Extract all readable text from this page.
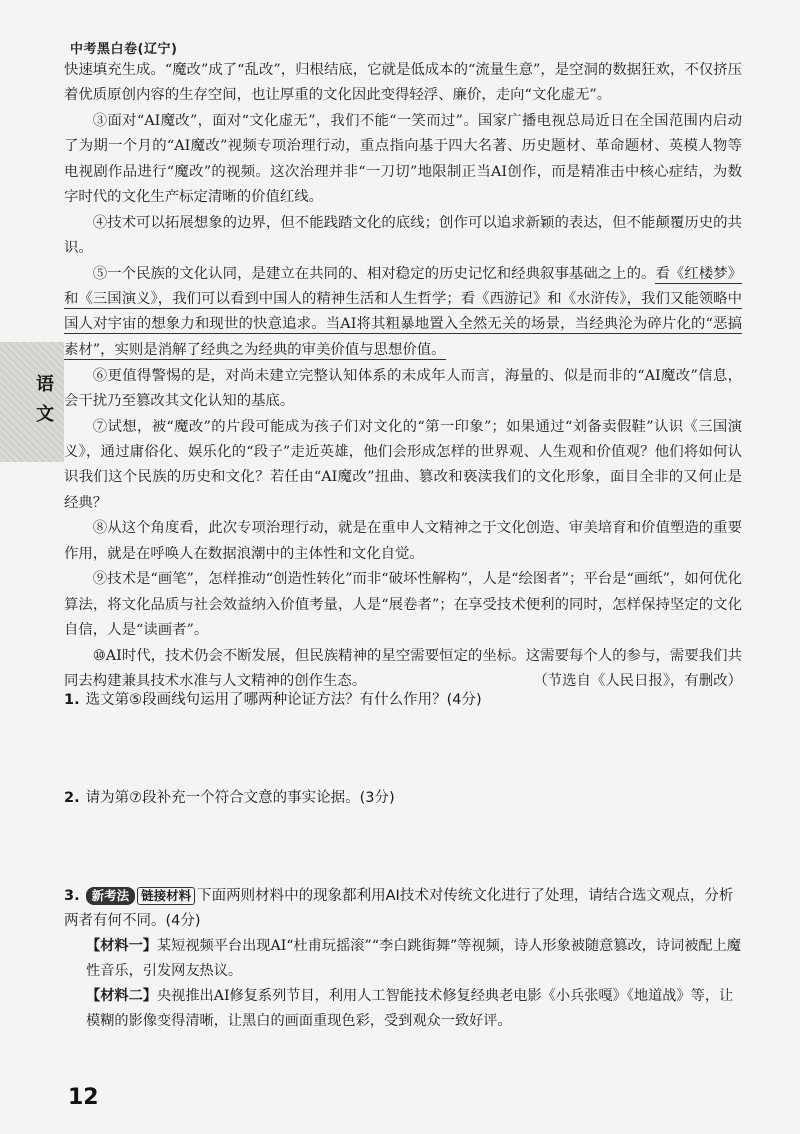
中考黑白卷(辽宁)
语
文

快速填充生成。“魔改”成了“乱改”，归根结底，它就是低成本的“流量生意”，是空洞的数据狂欢，不仅挤压着优质原创内容的生存空间，也让厚重的文化因此变得轻浮、廉价，走向“文化虚无”。

③面对“AI魔改”，面对“文化虚无”，我们不能“一笑而过”。国家广播电视总局近日在全国范围内启动了为期一个月的“AI魔改”视频专项治理行动，重点指向基于四大名著、历史题材、革命题材、英模人物等电视剧作品进行“魔改”的视频。这次治理并非“一刀切”地限制正当AI创作，而是精准击中核心症结，为数字时代的文化生产标定清晰的价值红线。

④技术可以拓展想象的边界，但不能践踏文化的底线；创作可以追求新颖的表达，但不能颠覆历史的共识。

⑤一个民族的文化认同，是建立在共同的、相对稳定的历史记忆和经典叙事基础之上的。看《红楼梦》和《三国演义》，我们可以看到中国人的精神生活和人生哲学；看《西游记》和《水浒传》，我们又能领略中国人对宇宙的想象力和现世的快意追求。当AI将其粗暴地置入全然无关的场景，当经典沦为碎片化的“恶搞素材”，实则是消解了经典之为经典的审美价值与思想价值。

⑥更值得警惕的是，对尚未建立完整认知体系的未成年人而言，海量的、似是而非的“AI魔改”信息，会干扰乃至篡改其文化认知的基底。

⑦试想，被“魔改”的片段可能成为孩子们对文化的“第一印象”；如果通过“刘备卖假鞋”认识《三国演义》，通过庸俗化、娱乐化的“段子”走近英雄，他们会形成怎样的世界观、人生观和价值观？他们将如何认识我们这个民族的历史和文化？若任由“AI魔改”扭曲、篡改和亵渎我们的文化形象，面目全非的又何止是经典？

⑧从这个角度看，此次专项治理行动，就是在重申人文精神之于文化创造、审美培育和价值塑造的重要作用，就是在呼唤人在数据浪潮中的主体性和文化自觉。

⑨技术是“画笔”，怎样推动“创造性转化”而非“破坏性解构”，人是“绘图者”；平台是“画纸”，如何优化算法，将文化品质与社会效益纳入价值考量，人是“展卷者”；在享受技术便利的同时，怎样保持坚定的文化自信，人是“读画者”。

⑩AI时代，技术仍会不断发展，但民族精神的星空需要恒定的坐标。这需要每个人的参与，需要我们共同去构建兼具技术水准与人文精神的创作生态。	（节选自《人民日报》，有删改）

1. 选文第⑤段画线句运用了哪两种论证方法？有什么作用？(4分)
2. 请为第⑦段补充一个符合文意的事实论据。(3分)
3. 新考法 链接材料 下面两则材料中的现象都利用AI技术对传统文化进行了处理，请结合选文观点，分析两者有何不同。(4分)
【材料一】某短视频平台出现AI“杜甫玩摇滚”“李白跳街舞”等视频，诗人形象被随意篡改，诗词被配上魔性音乐，引发网友热议。
【材料二】央视推出AI修复系列节目，利用人工智能技术修复经典老电影《小兵张嘎》《地道战》等，让模糊的影像变得清晰，让黑白的画面重现色彩，受到观众一致好评。
12
